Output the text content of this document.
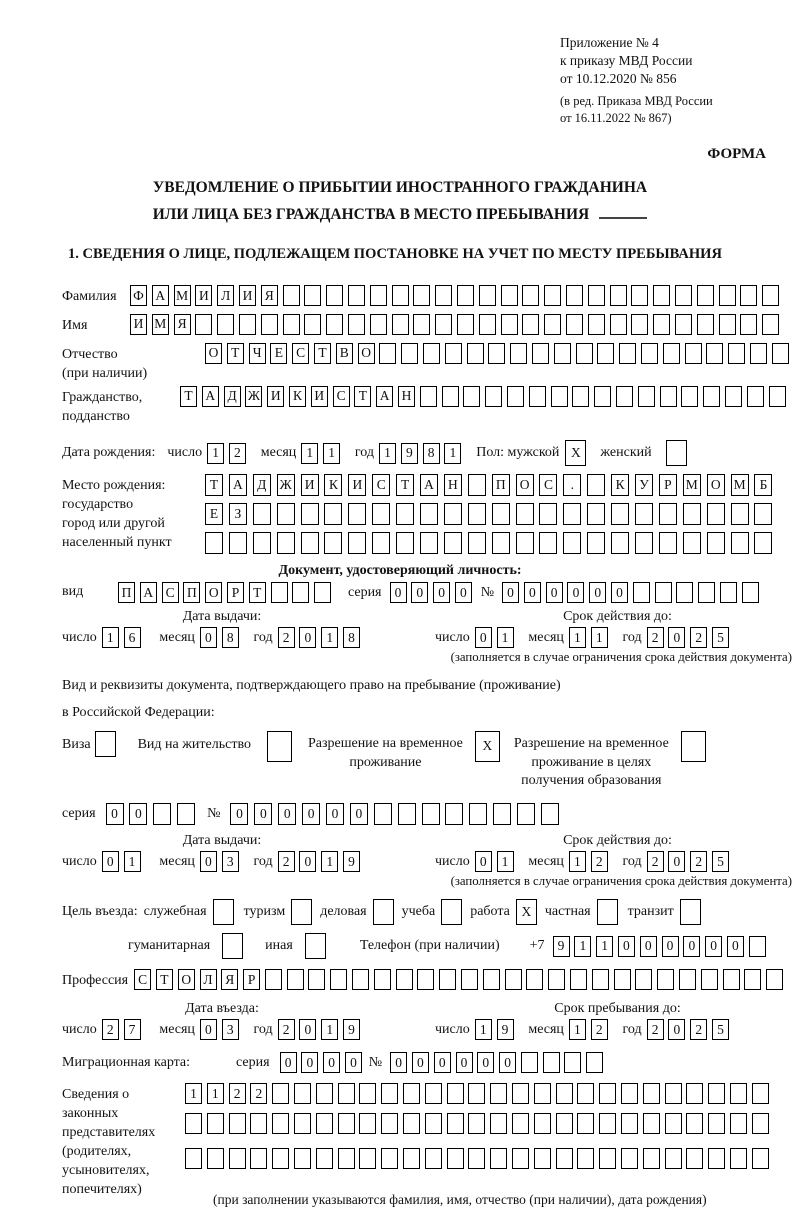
Приложение № 4
к приказу МВД России
от 10.12.2020 № 856
(в ред. Приказа МВД России
от 16.11.2022 № 867)
ФОРМА
УВЕДОМЛЕНИЕ О ПРИБЫТИИ ИНОСТРАННОГО ГРАЖДАНИНА
ИЛИ ЛИЦА БЕЗ ГРАЖДАНСТВА В МЕСТО ПРЕБЫВАНИЯ
1. СВЕДЕНИЯ О ЛИЦЕ, ПОДЛЕЖАЩЕМ ПОСТАНОВКЕ НА УЧЕТ ПО МЕСТУ ПРЕБЫВАНИЯ
Фамилия	Ф А М И Л И Я
Имя	И М Я
Отчество
(при наличии)
О Т Ч Е С Т В О
Гражданство,
подданство
Т А Д Ж И К И С Т А Н
Дата рождения: число 1	2	месяц 1	1	год 1	9	8	1	Пол: мужской X	женский
Место рождения:
государство
город или другой
населенный пункт
Т	А	Д Ж И	К	И	С	Т	А	Н	П	О	С	.	К	У	Р	М О М	Б

Е	З

Документ, удостоверяющий личность:
вид	П А С П О Р	Т	серия 0	0	0	0 № 0	0	0	0	0	0
Дата выдачи:
число 1	6	месяц 0	8	год 2	0	1	8
Срок действия до:
число 0	1	месяц 1	1	год 2	0	2	5
(заполняется в случае ограничения срока действия документа)
Вид и реквизиты документа, подтверждающего право на пребывание (проживание)
в Российской Федерации:
Виза	Вид на жительство	Разрешение на временное
проживание
X	Разрешение на временное
проживание в целях
получения образования
серия	0	0	№	0	0	0	0	0	0
Дата выдачи:
число 0	1	месяц 0	3	год 2	0	1	9
Срок действия до:
число 0	1	месяц 1	2	год 2	0	2	5
(заполняется в случае ограничения срока действия документа)
Цель въезда: служебная	туризм	деловая	учеба	работа X частная	транзит
гуманитарная	иная	Телефон (при наличии) +7 9	1	1	0	0	0	0	0	0
Профессия С Т О Л Я	Р
Дата въезда:
число 2	7	месяц 0	3	год 2	0	1	9
Срок пребывания до:
число 1	9	месяц 1	2	год 2	0	2	5
Миграционная карта:	серия	0	0	0	0 № 0	0	0	0	0	0
Сведения о
законных
представителях
(родителях,
усыновителях,
попечителях)
1	1	2	2

(при заполнении указываются фамилия, имя, отчество (при наличии), дата рождения)
